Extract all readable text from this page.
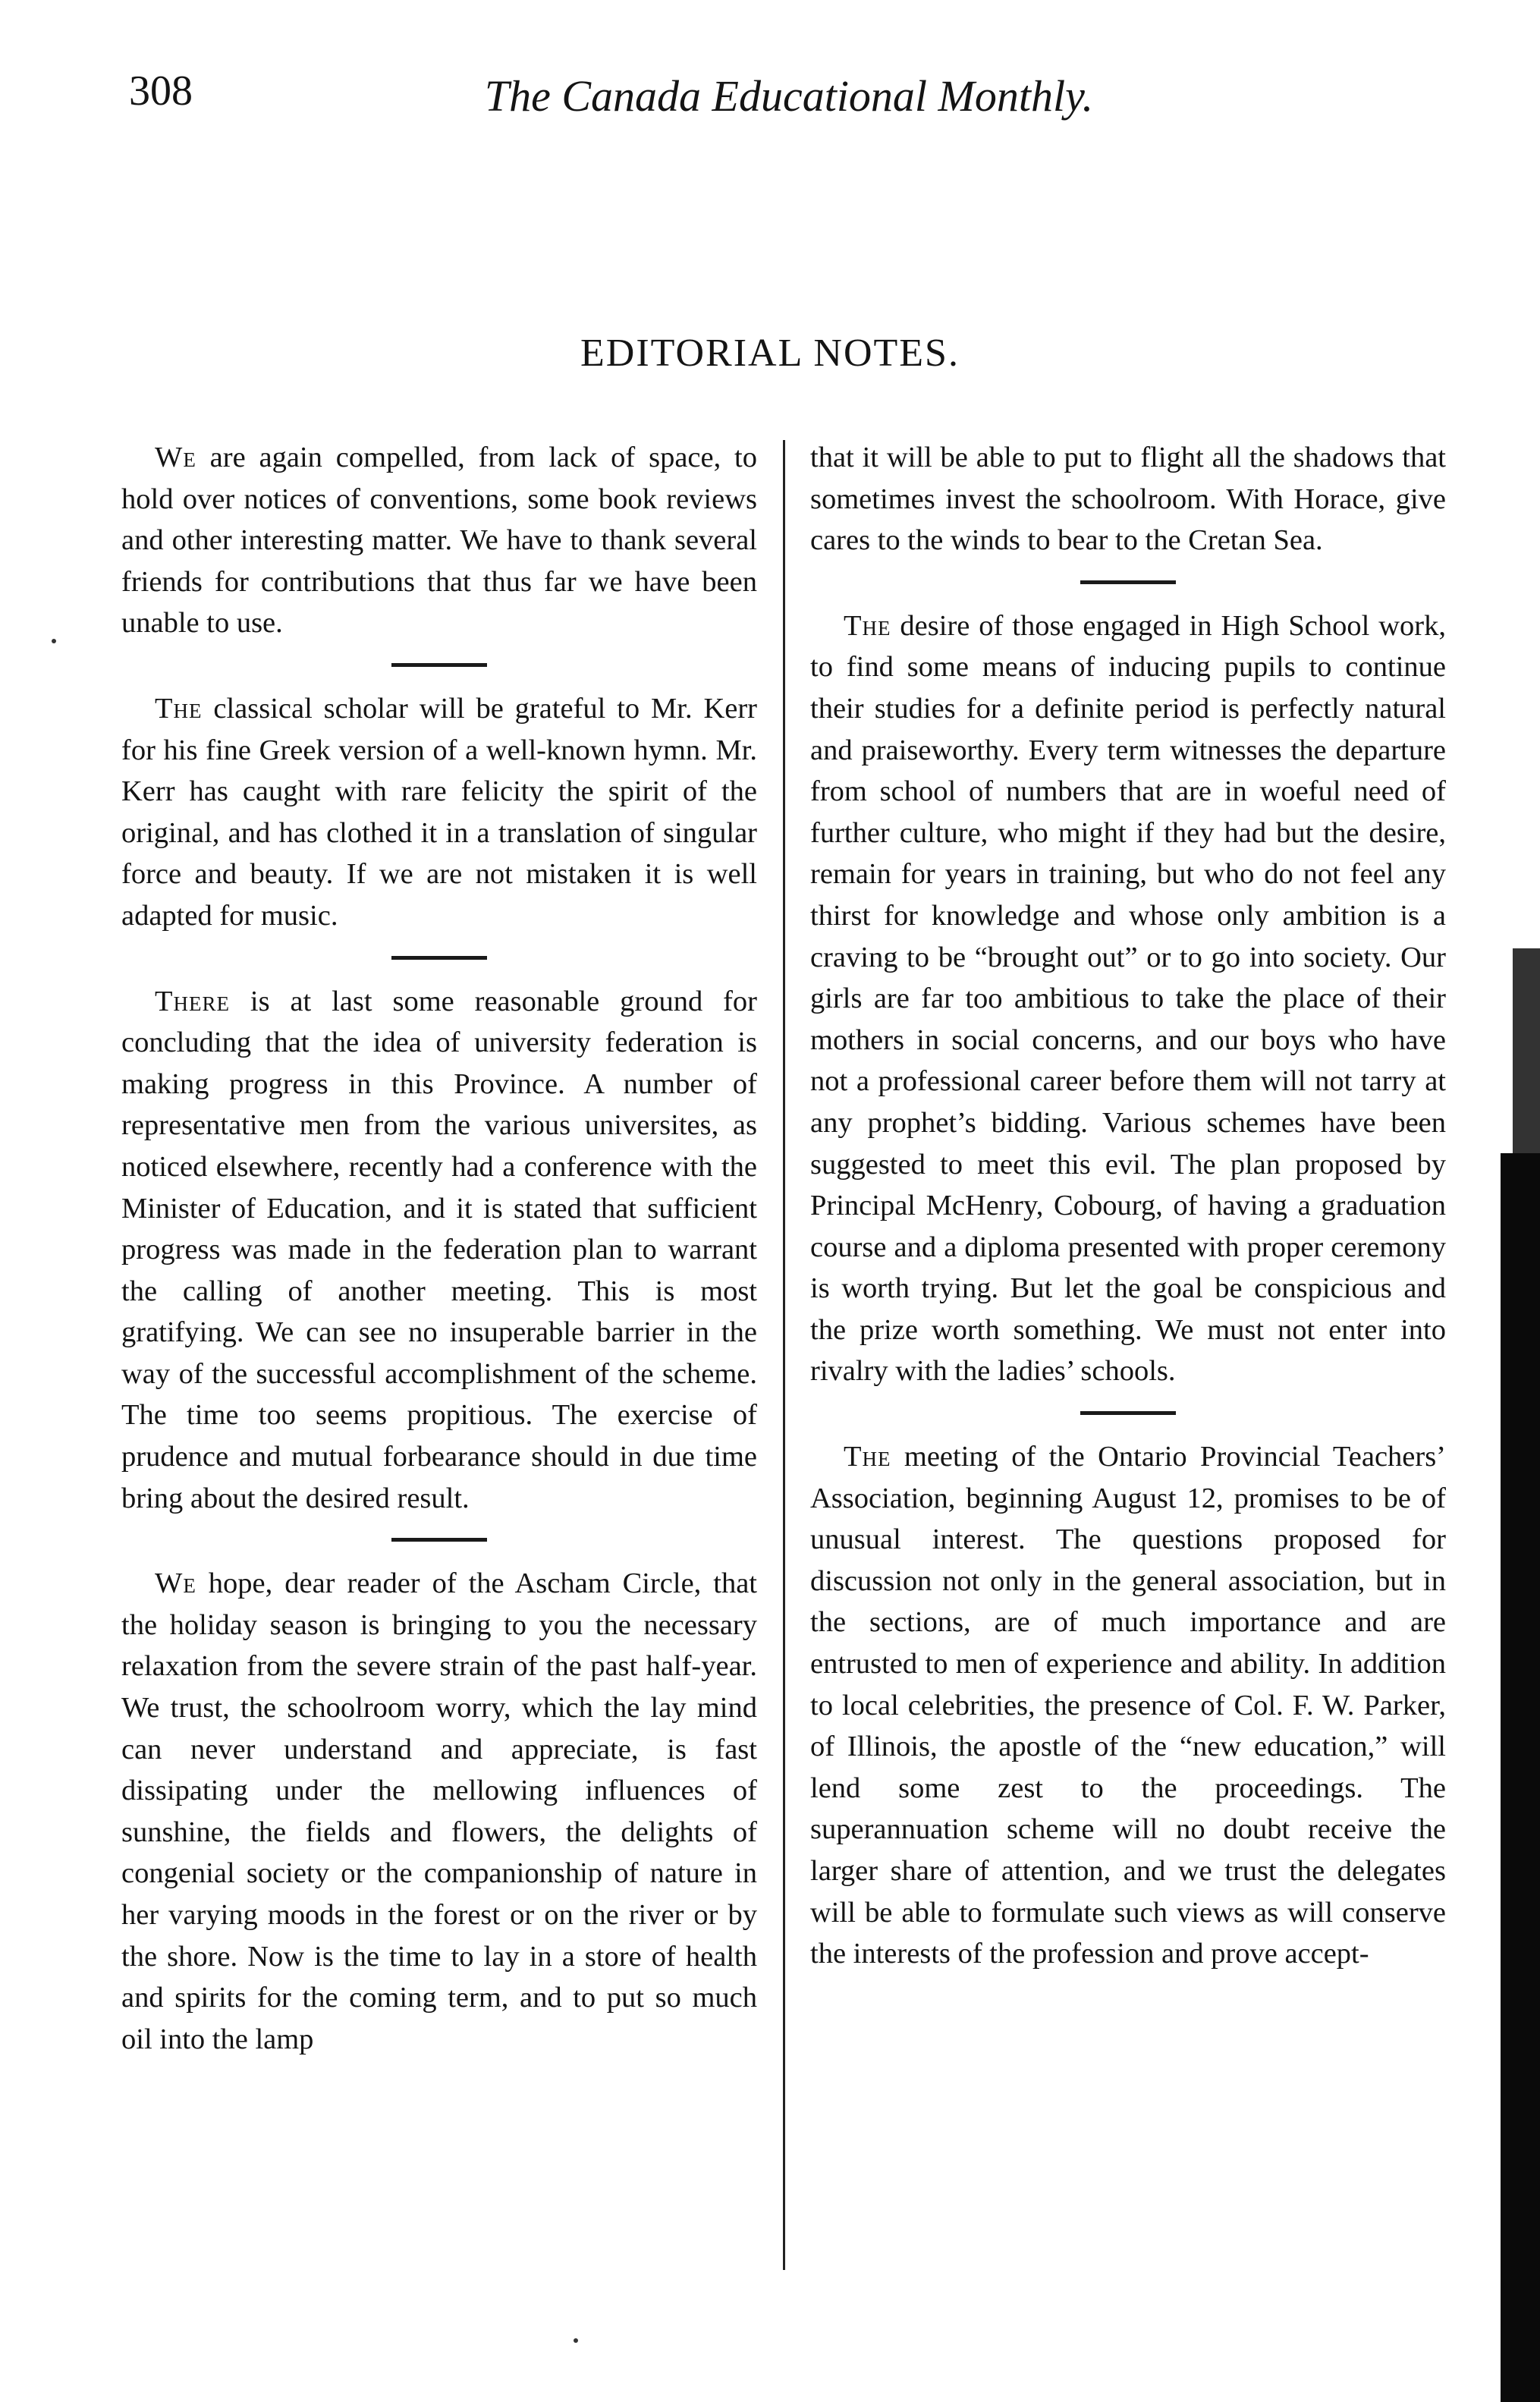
308	The Canada Educational Monthly.
EDITORIAL NOTES.

We are again compelled, from lack of space, to hold over notices of conventions, some book reviews and other interesting matter. We have to thank several friends for contributions that thus far we have been unable to use.

The classical scholar will be grateful to Mr. Kerr for his fine Greek version of a well-known hymn. Mr. Kerr has caught with rare felicity the spirit of the original, and has clothed it in a translation of singular force and beauty. If we are not mistaken it is well adapted for music.

There is at last some reasonable ground for concluding that the idea of university federation is making progress in this Province. A number of representative men from the various universites, as noticed elsewhere, recently had a conference with the Minister of Education, and it is stated that sufficient progress was made in the federation plan to warrant the calling of another meeting. This is most gratifying. We can see no insuperable barrier in the way of the successful accomplishment of the scheme. The time too seems propitious. The exercise of prudence and mutual forbearance should in due time bring about the desired result.

We hope, dear reader of the Ascham Circle, that the holiday season is bringing to you the necessary relaxation from the severe strain of the past half-year. We trust, the schoolroom worry, which the lay mind can never understand and appreciate, is fast dissipating under the mellowing influences of sunshine, the fields and flowers, the delights of congenial society or the companionship of nature in her varying moods in the forest or on the river or by the shore. Now is the time to lay in a store of health and spirits for the coming term, and to put so much oil into the lamp

that it will be able to put to flight all the shadows that sometimes invest the schoolroom. With Horace, give cares to the winds to bear to the Cretan Sea.

The desire of those engaged in High School work, to find some means of inducing pupils to continue their studies for a definite period is perfectly natural and praiseworthy. Every term witnesses the departure from school of numbers that are in woeful need of further culture, who might if they had but the desire, remain for years in training, but who do not feel any thirst for knowledge and whose only ambition is a craving to be “brought out” or to go into society. Our girls are far too ambitious to take the place of their mothers in social concerns, and our boys who have not a professional career before them will not tarry at any prophet’s bidding. Various schemes have been suggested to meet this evil. The plan proposed by Principal McHenry, Cobourg, of having a graduation course and a diploma presented with proper ceremony is worth trying. But let the goal be conspicious and the prize worth something. We must not enter into rivalry with the ladies’ schools.

The meeting of the Ontario Provincial Teachers’ Association, beginning August 12, promises to be of unusual interest. The questions proposed for discussion not only in the general association, but in the sections, are of much importance and are entrusted to men of experience and ability. In addition to local celebrities, the presence of Col. F. W. Parker, of Illinois, the apostle of the “new education,” will lend some zest to the proceedings. The superannuation scheme will no doubt receive the larger share of attention, and we trust the delegates will be able to formulate such views as will conserve the interests of the profession and prove accept-
